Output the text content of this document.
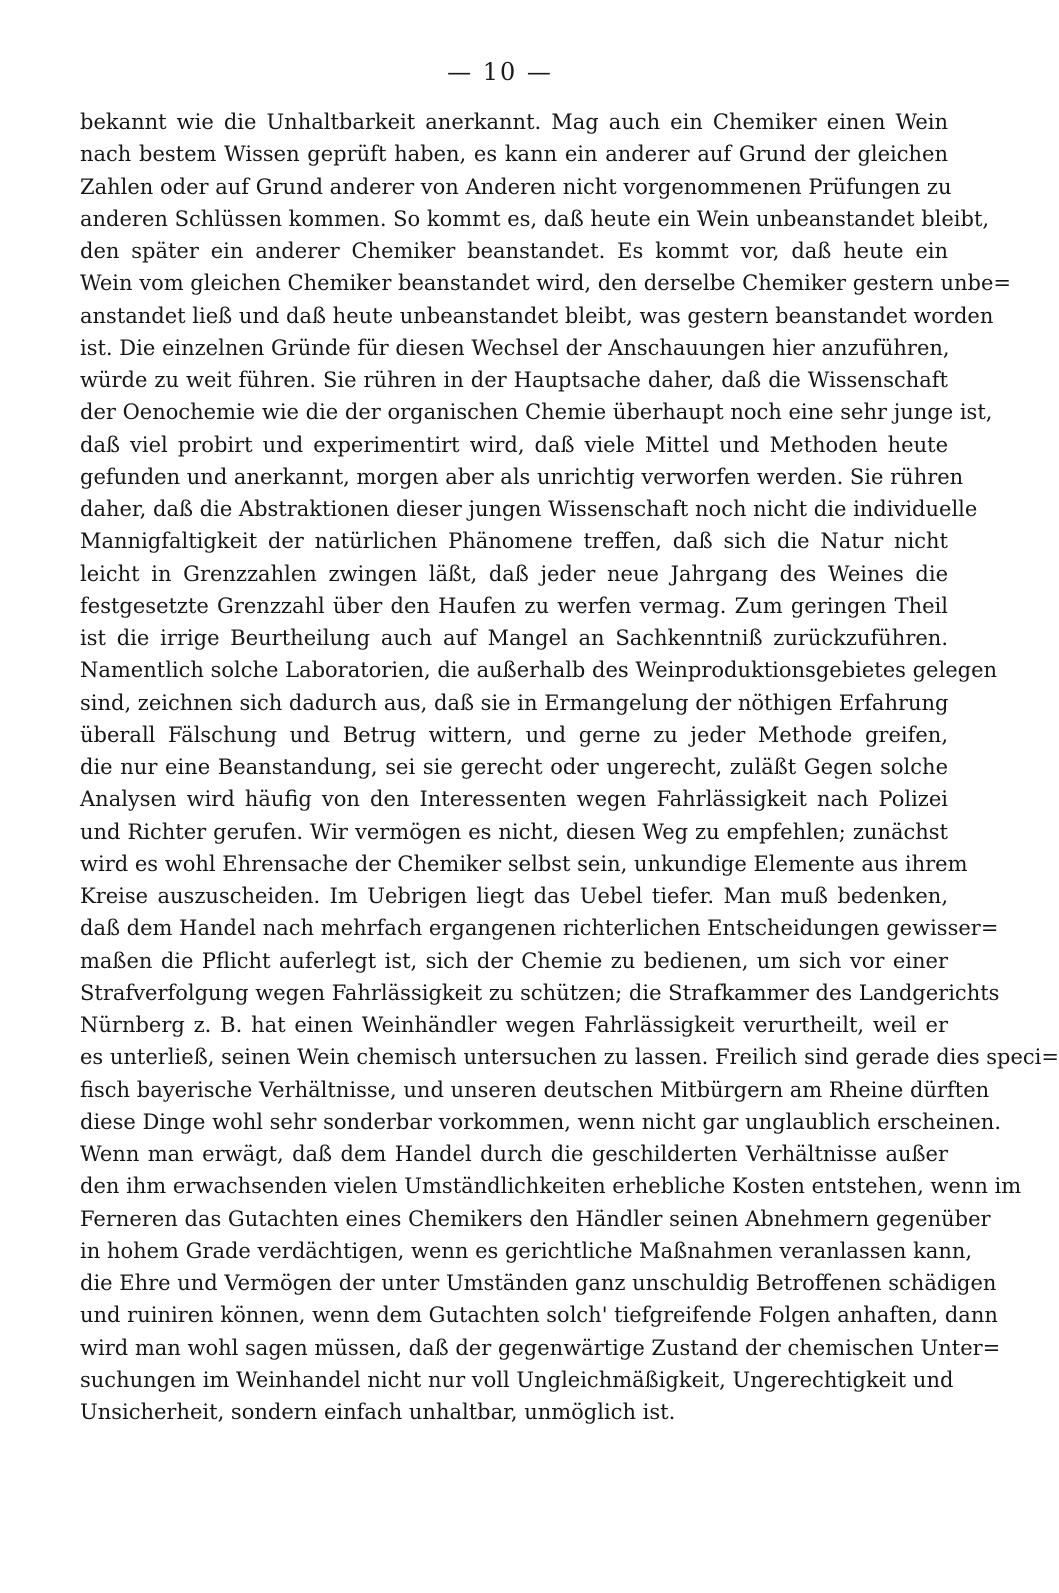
— 10 —
bekannt wie die Unhaltbarkeit anerkannt. Mag auch ein Chemiker einen Wein
nach bestem Wissen geprüft haben, es kann ein anderer auf Grund der gleichen
Zahlen oder auf Grund anderer von Anderen nicht vorgenommenen Prüfungen zu
anderen Schlüssen kommen. So kommt es, daß heute ein Wein unbeanstandet bleibt,
den später ein anderer Chemiker beanstandet. Es kommt vor, daß heute ein
Wein vom gleichen Chemiker beanstandet wird, den derselbe Chemiker gestern unbe=
anstandet ließ und daß heute unbeanstandet bleibt, was gestern beanstandet worden
ist. Die einzelnen Gründe für diesen Wechsel der Anschauungen hier anzuführen,
würde zu weit führen. Sie rühren in der Hauptsache daher, daß die Wissenschaft
der Oenochemie wie die der organischen Chemie überhaupt noch eine sehr junge ist,
daß viel probirt und experimentirt wird, daß viele Mittel und Methoden heute
gefunden und anerkannt, morgen aber als unrichtig verworfen werden. Sie rühren
daher, daß die Abstraktionen dieser jungen Wissenschaft noch nicht die individuelle
Mannigfaltigkeit der natürlichen Phänomene treffen, daß sich die Natur nicht
leicht in Grenzzahlen zwingen läßt, daß jeder neue Jahrgang des Weines die
festgesetzte Grenzzahl über den Haufen zu werfen vermag. Zum geringen Theil
ist die irrige Beurtheilung auch auf Mangel an Sachkenntniß zurückzuführen.
Namentlich solche Laboratorien, die außerhalb des Weinproduktionsgebietes gelegen
sind, zeichnen sich dadurch aus, daß sie in Ermangelung der nöthigen Erfahrung
überall Fälschung und Betrug wittern, und gerne zu jeder Methode greifen,
die nur eine Beanstandung, sei sie gerecht oder ungerecht, zuläßt Gegen solche
Analysen wird häufig von den Interessenten wegen Fahrlässigkeit nach Polizei
und Richter gerufen. Wir vermögen es nicht, diesen Weg zu empfehlen; zunächst
wird es wohl Ehrensache der Chemiker selbst sein, unkundige Elemente aus ihrem
Kreise auszuscheiden. Im Uebrigen liegt das Uebel tiefer. Man muß bedenken,
daß dem Handel nach mehrfach ergangenen richterlichen Entscheidungen gewisser=
maßen die Pflicht auferlegt ist, sich der Chemie zu bedienen, um sich vor einer
Strafverfolgung wegen Fahrlässigkeit zu schützen; die Strafkammer des Landgerichts
Nürnberg z. B. hat einen Weinhändler wegen Fahrlässigkeit verurtheilt, weil er
es unterließ, seinen Wein chemisch untersuchen zu lassen. Freilich sind gerade dies speci=
fisch bayerische Verhältnisse, und unseren deutschen Mitbürgern am Rheine dürften
diese Dinge wohl sehr sonderbar vorkommen, wenn nicht gar unglaublich erscheinen.
Wenn man erwägt, daß dem Handel durch die geschilderten Verhältnisse außer
den ihm erwachsenden vielen Umständlichkeiten erhebliche Kosten entstehen, wenn im
Ferneren das Gutachten eines Chemikers den Händler seinen Abnehmern gegenüber
in hohem Grade verdächtigen, wenn es gerichtliche Maßnahmen veranlassen kann,
die Ehre und Vermögen der unter Umständen ganz unschuldig Betroffenen schädigen
und ruiniren können, wenn dem Gutachten solch' tiefgreifende Folgen anhaften, dann
wird man wohl sagen müssen, daß der gegenwärtige Zustand der chemischen Unter=
suchungen im Weinhandel nicht nur voll Ungleichmäßigkeit, Ungerechtigkeit und
Unsicherheit, sondern einfach unhaltbar, unmöglich ist.
